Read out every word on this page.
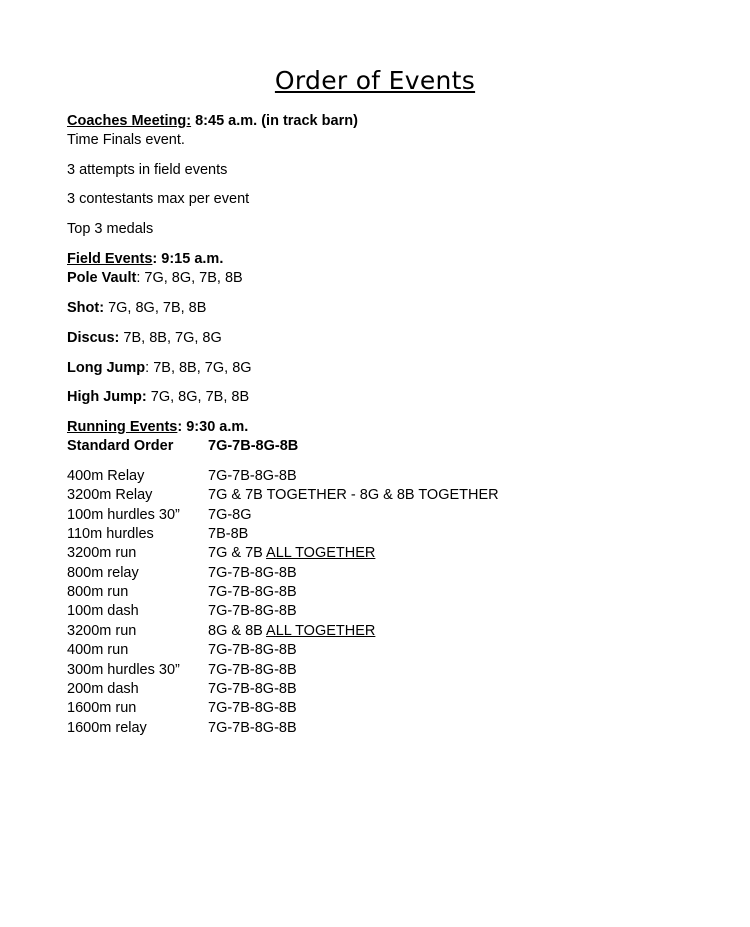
Order of Events
Coaches Meeting: 8:45 a.m. (in track barn)
Time Finals event.
3 attempts in field events
3 contestants max per event
Top 3 medals
Field Events: 9:15 a.m.
Pole Vault: 7G, 8G, 7B, 8B
Shot: 7G, 8G, 7B, 8B
Discus: 7B, 8B, 7G, 8G
Long Jump: 7B, 8B, 7G, 8G
High Jump: 7G, 8G, 7B, 8B
Running Events: 9:30 a.m.
Standard Order 7G-7B-8G-8B
400m Relay	7G-7B-8G-8B
3200m Relay	7G & 7B TOGETHER - 8G & 8B TOGETHER
100m hurdles 30” 7G-8G
110m hurdles	7B-8B
3200m run	7G & 7B ALL TOGETHER
800m relay	7G-7B-8G-8B
800m run	7G-7B-8G-8B
100m dash	7G-7B-8G-8B
3200m run	8G & 8B ALL TOGETHER
400m run	7G-7B-8G-8B
300m hurdles 30” 7G-7B-8G-8B
200m dash	7G-7B-8G-8B
1600m run	7G-7B-8G-8B
1600m relay	7G-7B-8G-8B
